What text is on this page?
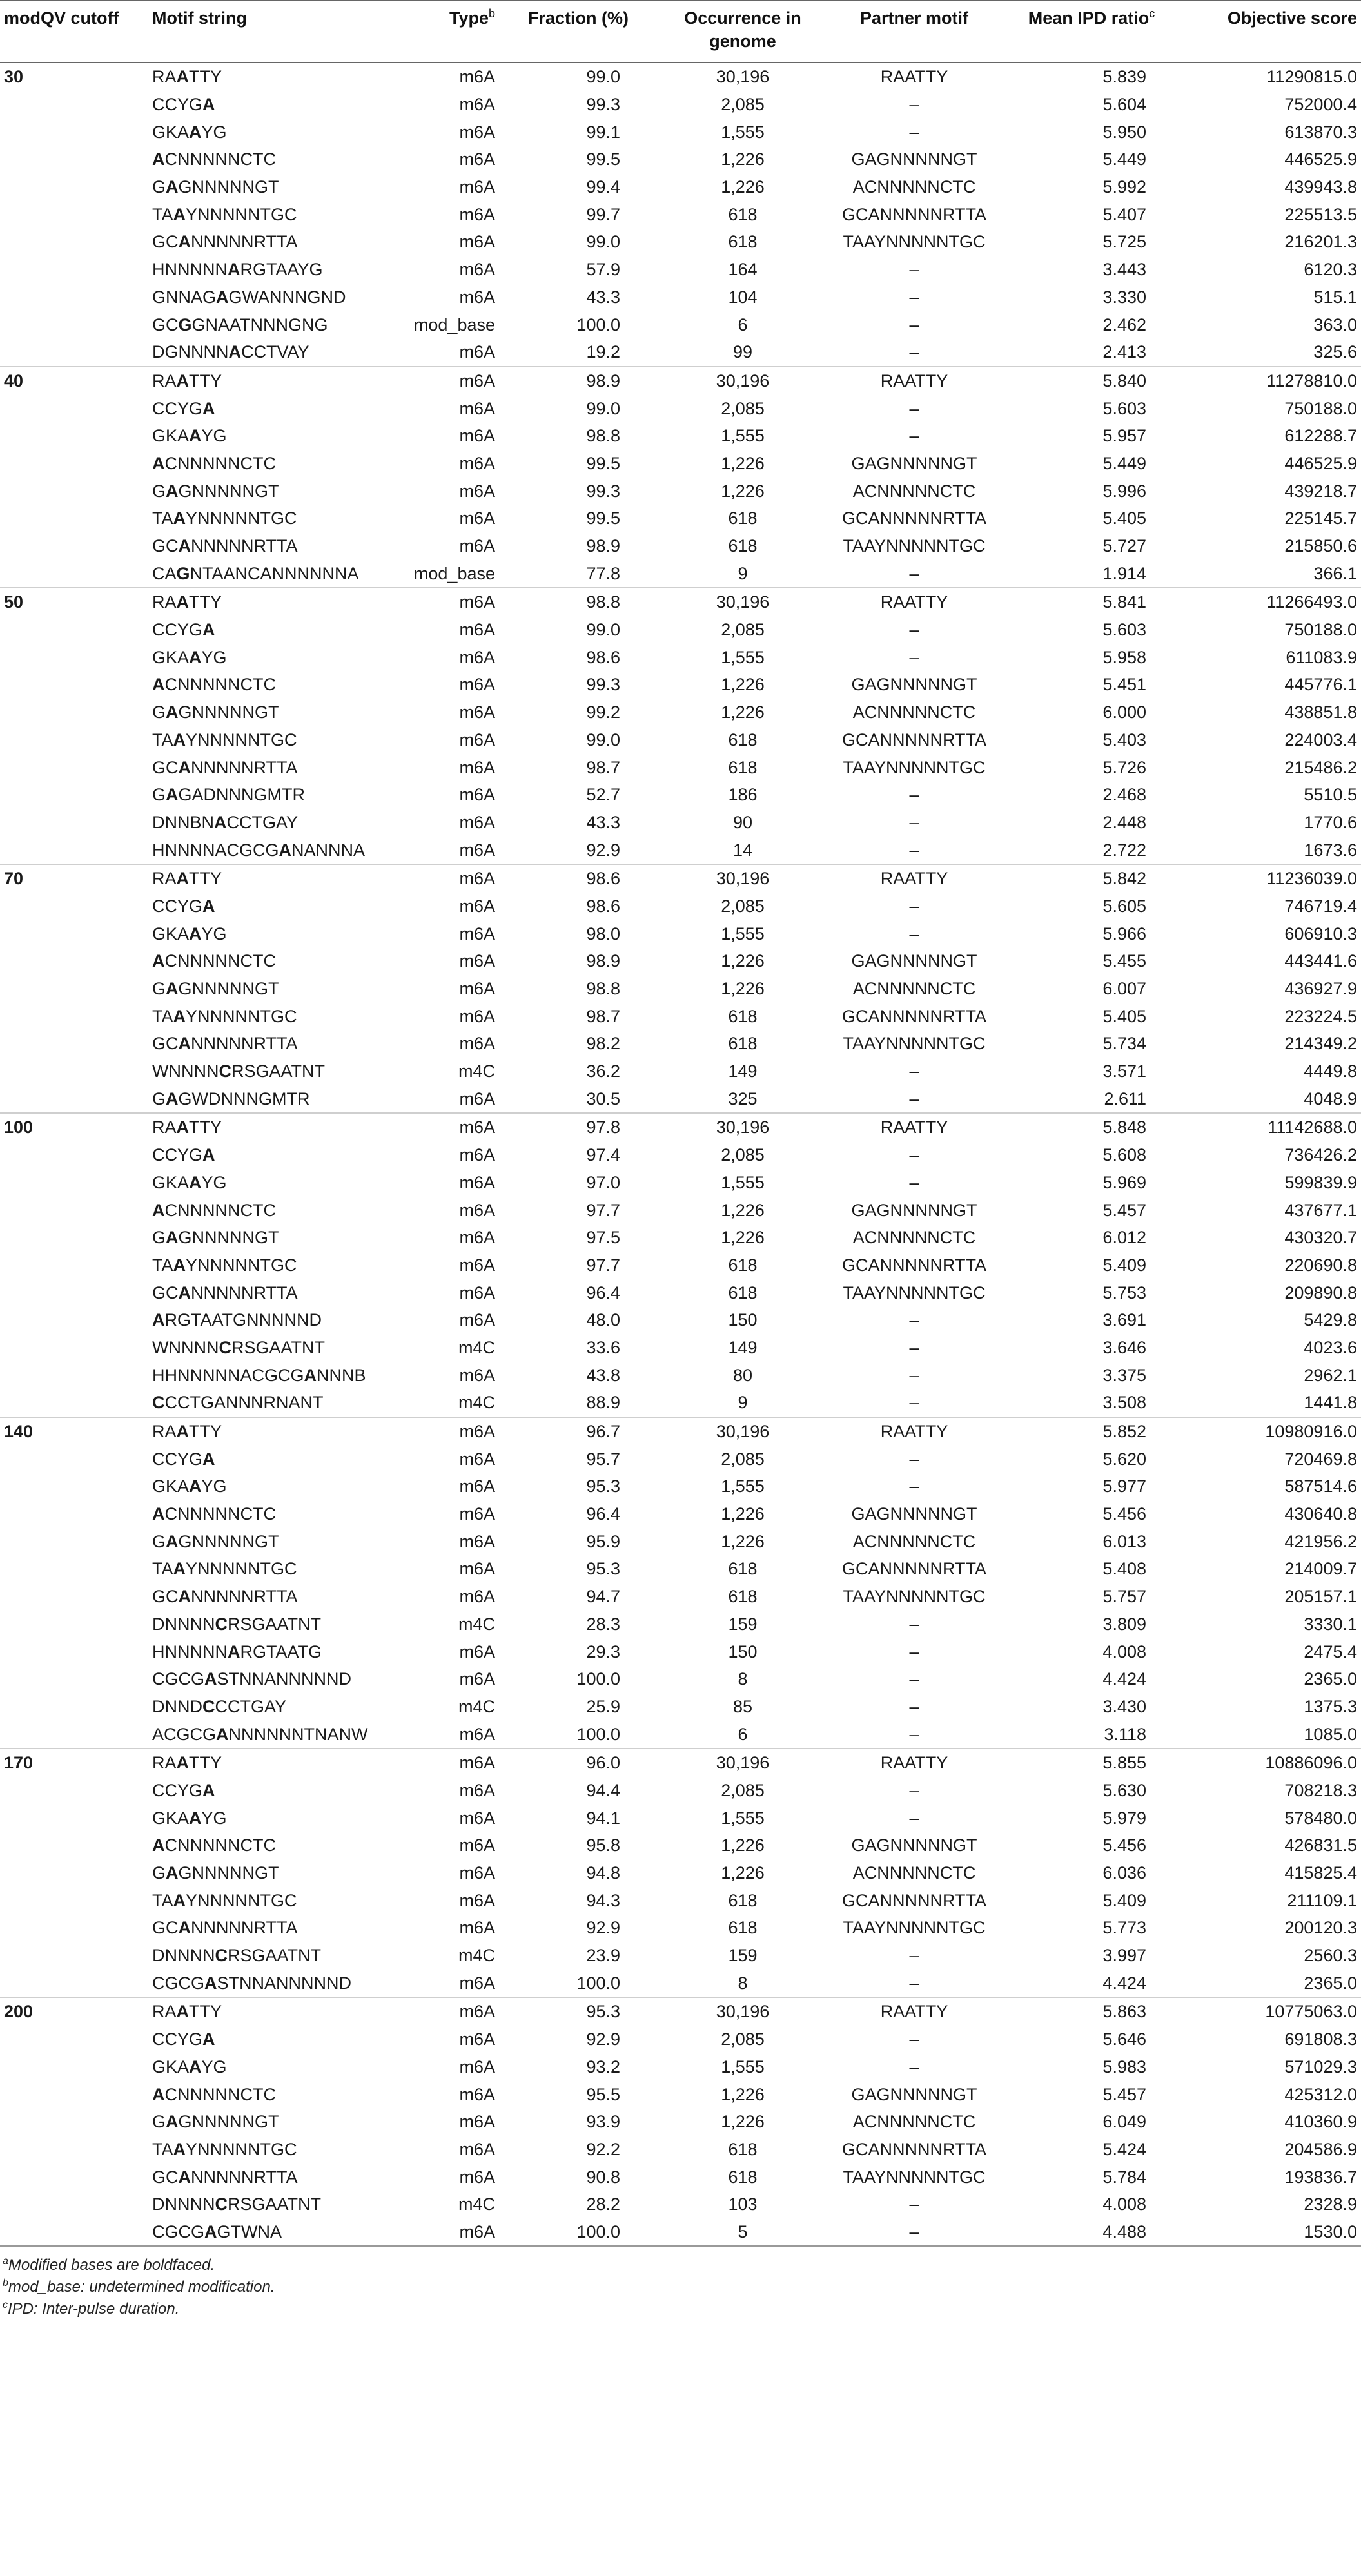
modQV cutoff	Motif string	Type$^b$	Fraction (%)	Occurrence in genome	Partner motif	Mean IPD ratio$^c$	Objective score
30	RAATTY	m6A	99.0	30,196	RAATTY	5.839	11290815.0
	CCYGA	m6A	99.3	2,085	–	5.604	752000.4
	GKAAYG	m6A	99.1	1,555	–	5.950	613870.3
	ACNNNNNCTC	m6A	99.5	1,226	GAGNNNNNGT	5.449	446525.9
	GAGNNNNNGT	m6A	99.4	1,226	ACNNNNNCTC	5.992	439943.8
	TAAYNNNNNTGC	m6A	99.7	618	GCANNNNNRTTA	5.407	225513.5
	GCANNNNNRTTA	m6A	99.0	618	TAAYNNNNNTGC	5.725	216201.3
	HNNNNNARGTAAYG	m6A	57.9	164	–	3.443	6120.3
	GNNAGAGWANNNGND	m6A	43.3	104	–	3.330	515.1
	GCGGNAATNNNGNG	mod_base	100.0	6	–	2.462	363.0
	DGNNNNACCTVAY	m6A	19.2	99	–	2.413	325.6
40	RAATTY	m6A	98.9	30,196	RAATTY	5.840	11278810.0
	CCYGA	m6A	99.0	2,085	–	5.603	750188.0
	GKAAYG	m6A	98.8	1,555	–	5.957	612288.7
	ACNNNNNCTC	m6A	99.5	1,226	GAGNNNNNGT	5.449	446525.9
	GAGNNNNNGT	m6A	99.3	1,226	ACNNNNNCTC	5.996	439218.7
	TAAYNNNNNTGC	m6A	99.5	618	GCANNNNNRTTA	5.405	225145.7
	GCANNNNNRTTA	m6A	98.9	618	TAAYNNNNNTGC	5.727	215850.6
	CAGNTAANCANNNNNNA	mod_base	77.8	9	–	1.914	366.1
50	RAATTY	m6A	98.8	30,196	RAATTY	5.841	11266493.0
	CCYGA	m6A	99.0	2,085	–	5.603	750188.0
	GKAAYG	m6A	98.6	1,555	–	5.958	611083.9
	ACNNNNNCTC	m6A	99.3	1,226	GAGNNNNNGT	5.451	445776.1
	GAGNNNNNGT	m6A	99.2	1,226	ACNNNNNCTC	6.000	438851.8
	TAAYNNNNNTGC	m6A	99.0	618	GCANNNNNRTTA	5.403	224003.4
	GCANNNNNRTTA	m6A	98.7	618	TAAYNNNNNTGC	5.726	215486.2
	GAGADNNNGMTR	m6A	52.7	186	–	2.468	5510.5
	DNNBNACCTGAY	m6A	43.3	90	–	2.448	1770.6
	HNNNNACGCGANANNNA	m6A	92.9	14	–	2.722	1673.6
70	RAATTY	m6A	98.6	30,196	RAATTY	5.842	11236039.0
	CCYGA	m6A	98.6	2,085	–	5.605	746719.4
	GKAAYG	m6A	98.0	1,555	–	5.966	606910.3
	ACNNNNNCTC	m6A	98.9	1,226	GAGNNNNNGT	5.455	443441.6
	GAGNNNNNGT	m6A	98.8	1,226	ACNNNNNCTC	6.007	436927.9
	TAAYNNNNNTGC	m6A	98.7	618	GCANNNNNRTTA	5.405	223224.5
	GCANNNNNRTTA	m6A	98.2	618	TAAYNNNNNTGC	5.734	214349.2
	WNNNNCRSGAATNT	m4C	36.2	149	–	3.571	4449.8
	GAGWDNNNGMTR	m6A	30.5	325	–	2.611	4048.9
100	RAATTY	m6A	97.8	30,196	RAATTY	5.848	11142688.0
	CCYGA	m6A	97.4	2,085	–	5.608	736426.2
	GKAAYG	m6A	97.0	1,555	–	5.969	599839.9
	ACNNNNNCTC	m6A	97.7	1,226	GAGNNNNNGT	5.457	437677.1
	GAGNNNNNGT	m6A	97.5	1,226	ACNNNNNCTC	6.012	430320.7
	TAAYNNNNNTGC	m6A	97.7	618	GCANNNNNRTTA	5.409	220690.8
	GCANNNNNRTTA	m6A	96.4	618	TAAYNNNNNTGC	5.753	209890.8
	ARGTAATGNNNNND	m6A	48.0	150	–	3.691	5429.8
	WNNNNCRSGAATNT	m4C	33.6	149	–	3.646	4023.6
	HHNNNNNACGCGANNNB	m6A	43.8	80	–	3.375	2962.1
	CCCTGANNNRNANT	m4C	88.9	9	–	3.508	1441.8
140	RAATTY	m6A	96.7	30,196	RAATTY	5.852	10980916.0
	CCYGA	m6A	95.7	2,085	–	5.620	720469.8
	GKAAYG	m6A	95.3	1,555	–	5.977	587514.6
	ACNNNNNCTC	m6A	96.4	1,226	GAGNNNNNGT	5.456	430640.8
	GAGNNNNNGT	m6A	95.9	1,226	ACNNNNNCTC	6.013	421956.2
	TAAYNNNNNTGC	m6A	95.3	618	GCANNNNNRTTA	5.408	214009.7
	GCANNNNNRTTA	m6A	94.7	618	TAAYNNNNNTGC	5.757	205157.1
	DNNNNCRSGAATNT	m4C	28.3	159	–	3.809	3330.1
	HNNNNNARGTAATG	m6A	29.3	150	–	4.008	2475.4
	CGCGASTNNANNNNND	m6A	100.0	8	–	4.424	2365.0
	DNNDCCCTGAY	m4C	25.9	85	–	3.430	1375.3
	ACGCGANNNNNNTNANW	m6A	100.0	6	–	3.118	1085.0
170	RAATTY	m6A	96.0	30,196	RAATTY	5.855	10886096.0
	CCYGA	m6A	94.4	2,085	–	5.630	708218.3
	GKAAYG	m6A	94.1	1,555	–	5.979	578480.0
	ACNNNNNCTC	m6A	95.8	1,226	GAGNNNNNGT	5.456	426831.5
	GAGNNNNNGT	m6A	94.8	1,226	ACNNNNNCTC	6.036	415825.4
	TAAYNNNNNTGC	m6A	94.3	618	GCANNNNNRTTA	5.409	211109.1
	GCANNNNNRTTA	m6A	92.9	618	TAAYNNNNNTGC	5.773	200120.3
	DNNNNCRSGAATNT	m4C	23.9	159	–	3.997	2560.3
	CGCGASTNNANNNNND	m6A	100.0	8	–	4.424	2365.0
200	RAATTY	m6A	95.3	30,196	RAATTY	5.863	10775063.0
	CCYGA	m6A	92.9	2,085	–	5.646	691808.3
	GKAAYG	m6A	93.2	1,555	–	5.983	571029.3
	ACNNNNNCTC	m6A	95.5	1,226	GAGNNNNNGT	5.457	425312.0
	GAGNNNNNGT	m6A	93.9	1,226	ACNNNNNCTC	6.049	410360.9
	TAAYNNNNNTGC	m6A	92.2	618	GCANNNNNRTTA	5.424	204586.9
	GCANNNNNRTTA	m6A	90.8	618	TAAYNNNNNTGC	5.784	193836.7
	DNNNNCRSGAATNT	m4C	28.2	103	–	4.008	2328.9
	CGCGAGTWNA	m6A	100.0	5	–	4.488	1530.0
$^a$Modified bases are boldfaced.
$^b$mod_base: undetermined modification.
$^c$IPD: Inter-pulse duration.
